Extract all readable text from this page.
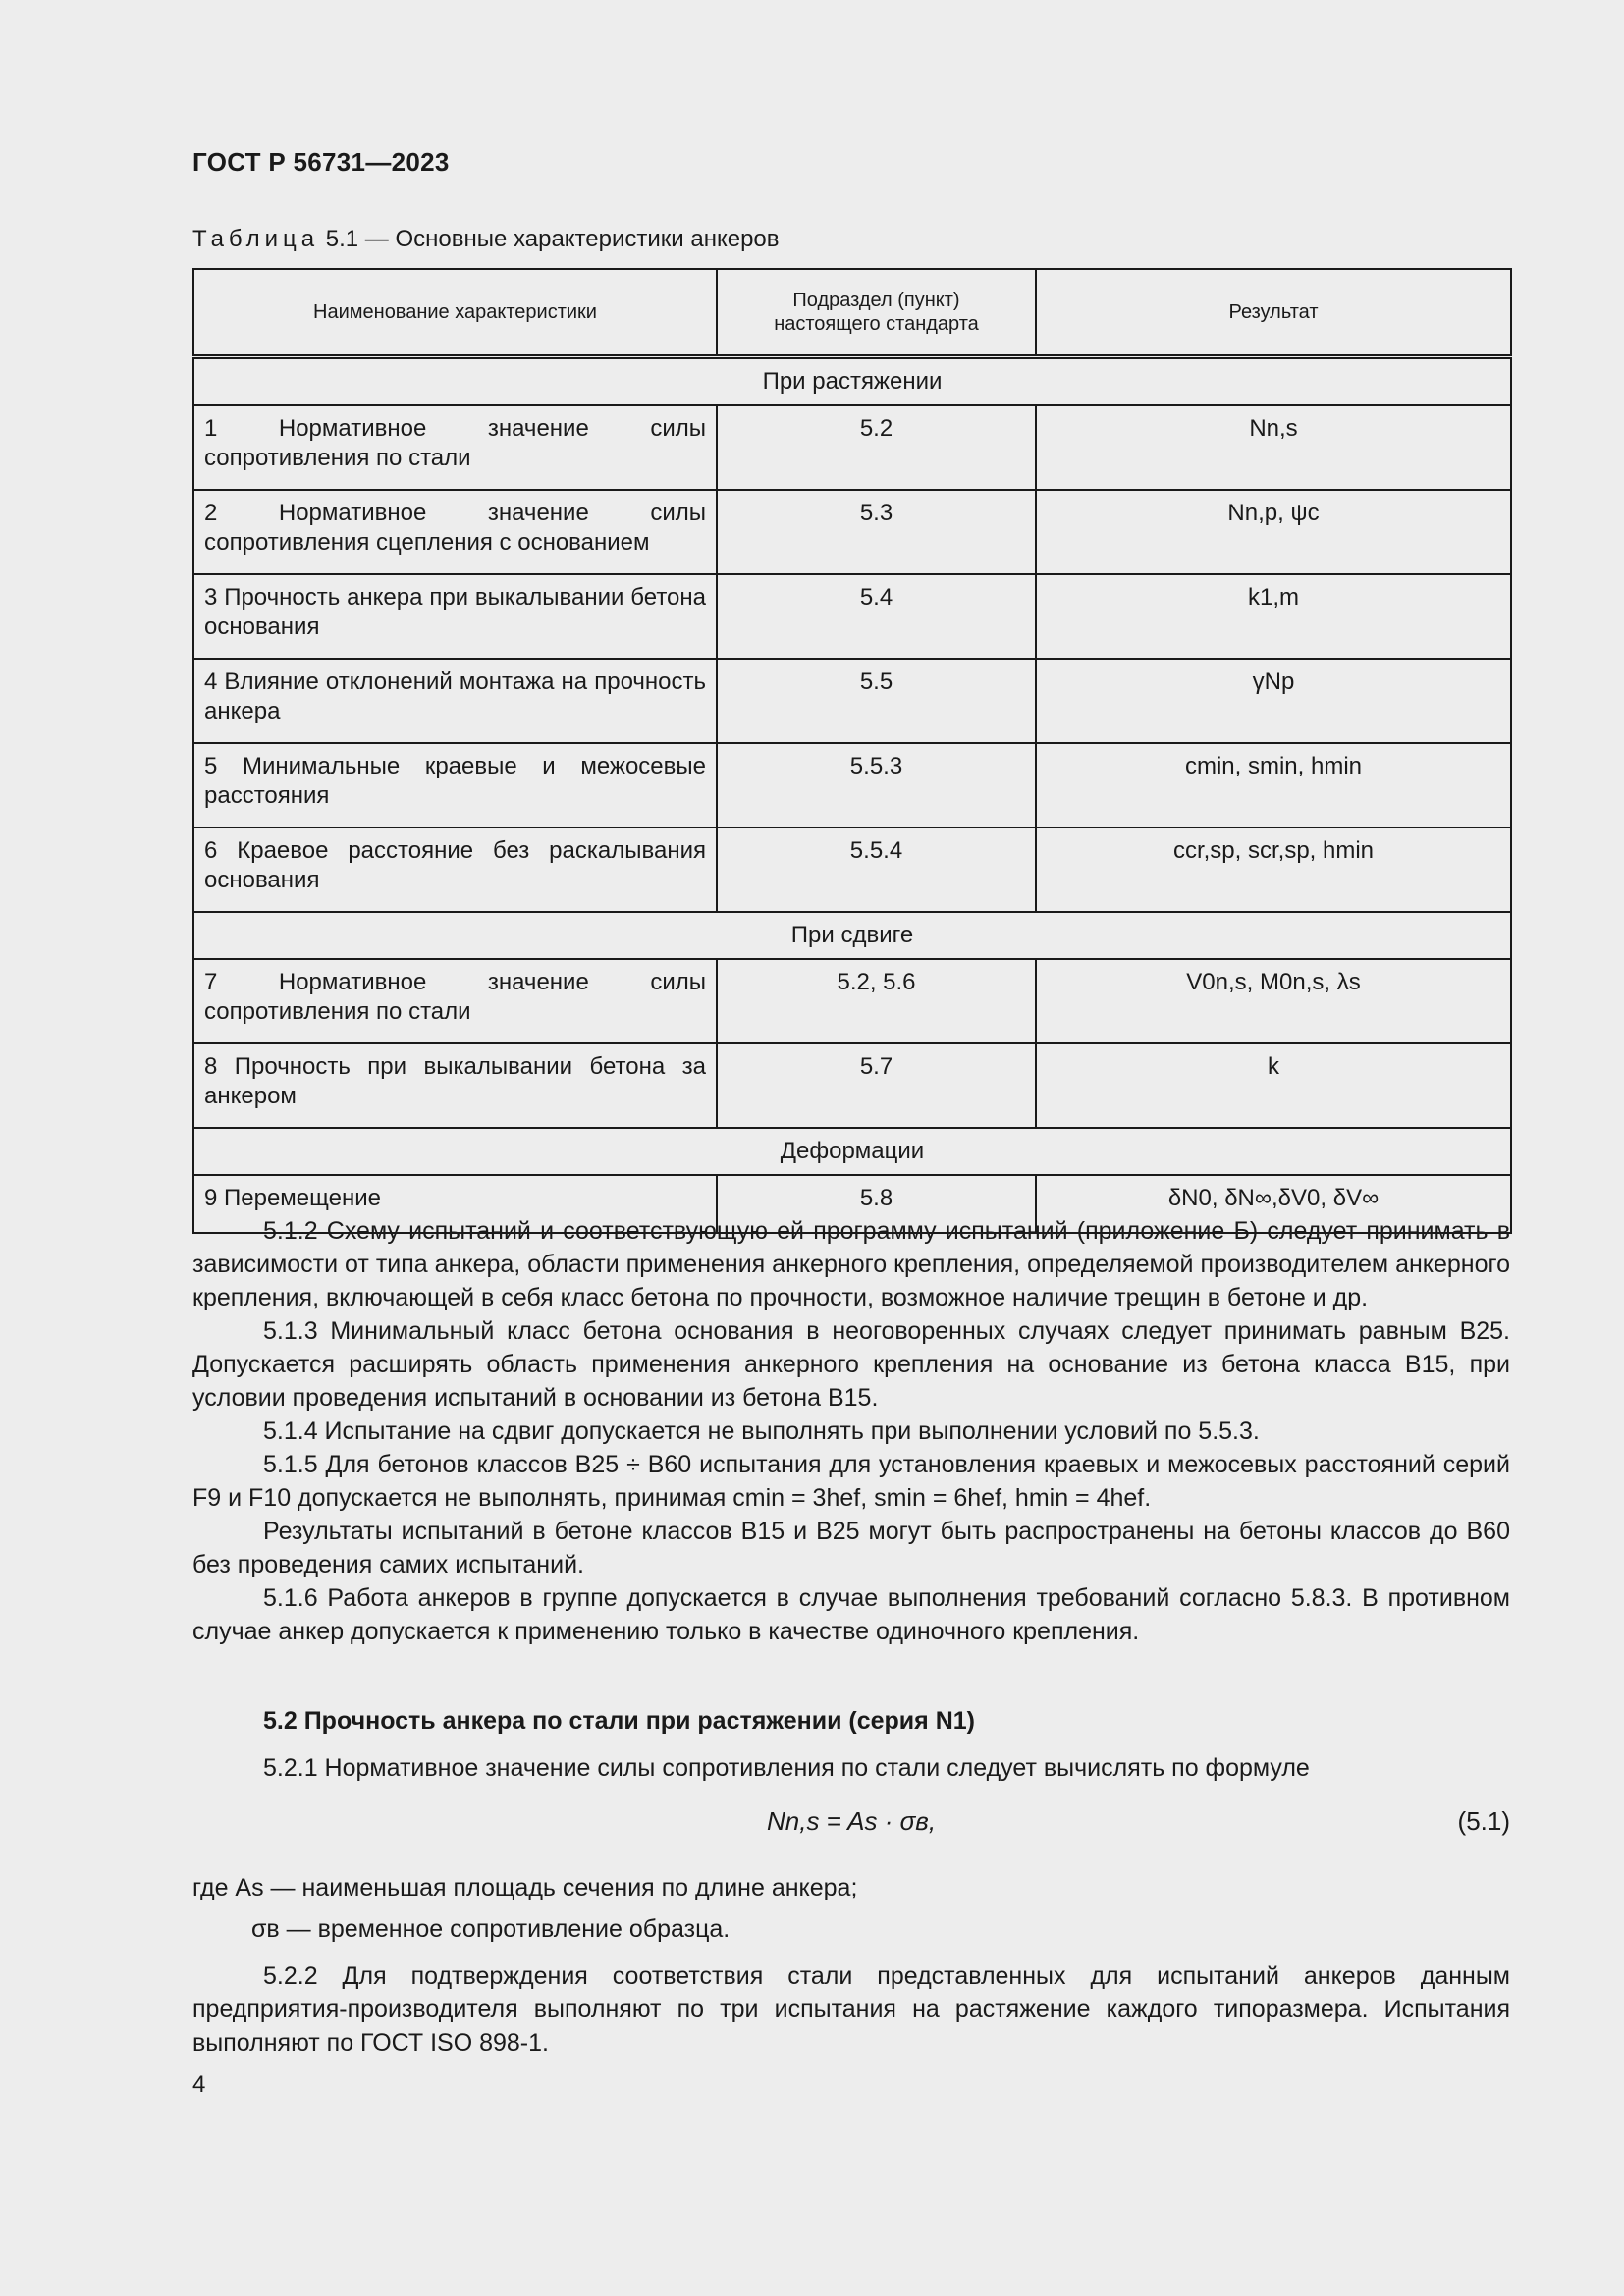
ГОСТ Р 56731—2023
Таблица 5.1 — Основные характеристики анкеров
Наименование характеристики	Подраздел (пункт) настоящего стандарта	Результат
При растяжении		
1 Нормативное значение силы сопротивления по стали	5.2	Nn,s
2 Нормативное значение силы сопротивления сцепления с основанием	5.3	Nn,p, ψc
3 Прочность анкера при выкалывании бетона основания	5.4	k1,m
4 Влияние отклонений монтажа на прочность анкера	5.5	γNp
5 Минимальные краевые и межосевые расстояния	5.5.3	cmin, smin, hmin
6 Краевое расстояние без раскалывания основания	5.5.4	ccr,sp, scr,sp, hmin
При сдвиге		
7 Нормативное значение силы сопротивления по стали	5.2, 5.6	V0n,s, M0n,s, λs
8 Прочность при выкалывании бетона за анкером	5.7	k
Деформации		
9 Перемещение	5.8	δN0, δN∞,δV0, δV∞

5.1.2 Схему испытаний и соответствующую ей программу испытаний (приложение Б) следует принимать в зависимости от типа анкера, области применения анкерного крепления, определяемой производителем анкерного крепления, включающей в себя класс бетона по прочности, возможное наличие трещин в бетоне и др.

5.1.3 Минимальный класс бетона основания в неоговоренных случаях следует принимать равным В25. Допускается расширять область применения анкерного крепления на основание из бетона класса В15, при условии проведения испытаний в основании из бетона В15.

5.1.4 Испытание на сдвиг допускается не выполнять при выполнении условий по 5.5.3.

5.1.5 Для бетонов классов В25 ÷ В60 испытания для установления краевых и межосевых расстояний серий F9 и F10 допускается не выполнять, принимая cmin = 3hef, smin = 6hef, hmin = 4hef.

Результаты испытаний в бетоне классов В15 и В25 могут быть распространены на бетоны классов до В60 без проведения самих испытаний.

5.1.6 Работа анкеров в группе допускается в случае выполнения требований согласно 5.8.3. В противном случае анкер допускается к применению только в качестве одиночного крепления.

5.2 Прочность анкера по стали при растяжении (серия N1)

5.2.1 Нормативное значение силы сопротивления по стали следует вычислять по формуле

Nn,s = As · σв,	(5.1)

где As — наименьшая площадь сечения по длине анкера;

σв — временное сопротивление образца.

5.2.2 Для подтверждения соответствия стали представленных для испытаний анкеров данным предприятия-производителя выполняют по три испытания на растяжение каждого типоразмера. Испытания выполняют по ГОСТ ISO 898-1.

4
